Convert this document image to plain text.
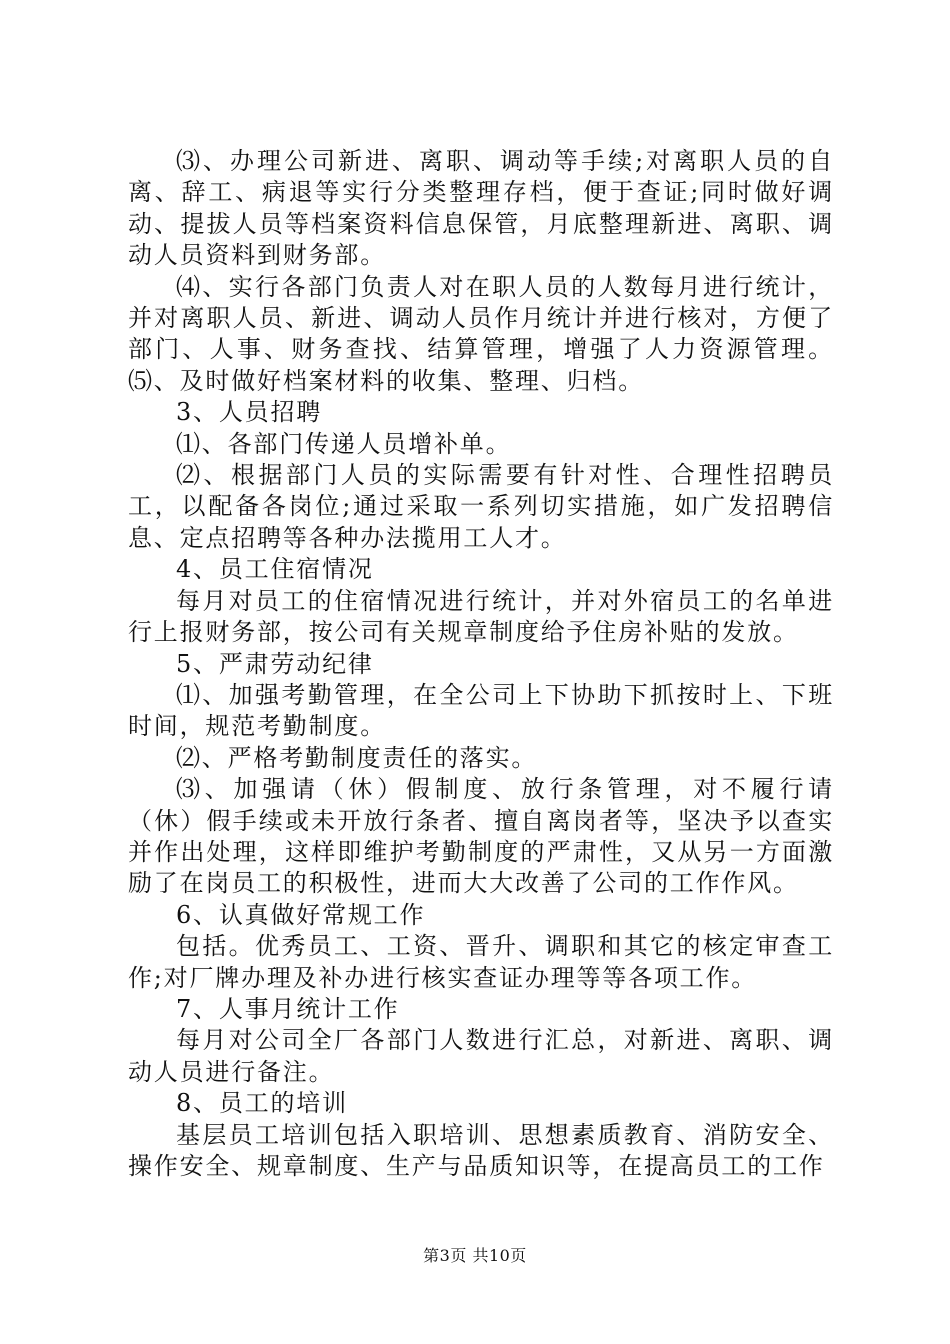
⑶、办理公司新进、离职、调动等手续;对离职人员的自离、辞工、病退等实行分类整理存档，便于查证;同时做好调动、提拔人员等档案资料信息保管，月底整理新进、离职、调动人员资料到财务部。

⑷、实行各部门负责人对在职人员的人数每月进行统计，并对离职人员、新进、调动人员作月统计并进行核对，方便了部门、人事、财务查找、结算管理，增强了人力资源管理。⑸、及时做好档案材料的收集、整理、归档。

3、人员招聘

⑴、各部门传递人员增补单。

⑵、根据部门人员的实际需要有针对性、合理性招聘员工，以配备各岗位;通过采取一系列切实措施，如广发招聘信息、定点招聘等各种办法揽用工人才。

4、员工住宿情况

每月对员工的住宿情况进行统计，并对外宿员工的名单进行上报财务部，按公司有关规章制度给予住房补贴的发放。

5、严肃劳动纪律

⑴、加强考勤管理，在全公司上下协助下抓按时上、下班时间，规范考勤制度。

⑵、严格考勤制度责任的落实。

⑶、加强请（休）假制度、放行条管理，对不履行请（休）假手续或未开放行条者、擅自离岗者等，坚决予以查实并作出处理，这样即维护考勤制度的严肃性，又从另一方面激励了在岗员工的积极性，进而大大改善了公司的工作作风。

6、认真做好常规工作

包括。优秀员工、工资、晋升、调职和其它的核定审查工作;对厂牌办理及补办进行核实查证办理等等各项工作。

7、人事月统计工作

每月对公司全厂各部门人数进行汇总，对新进、离职、调动人员进行备注。

8、员工的培训

基层员工培训包括入职培训、思想素质教育、消防安全、操作安全、规章制度、生产与品质知识等，在提高员工的工作

第3页 共10页
